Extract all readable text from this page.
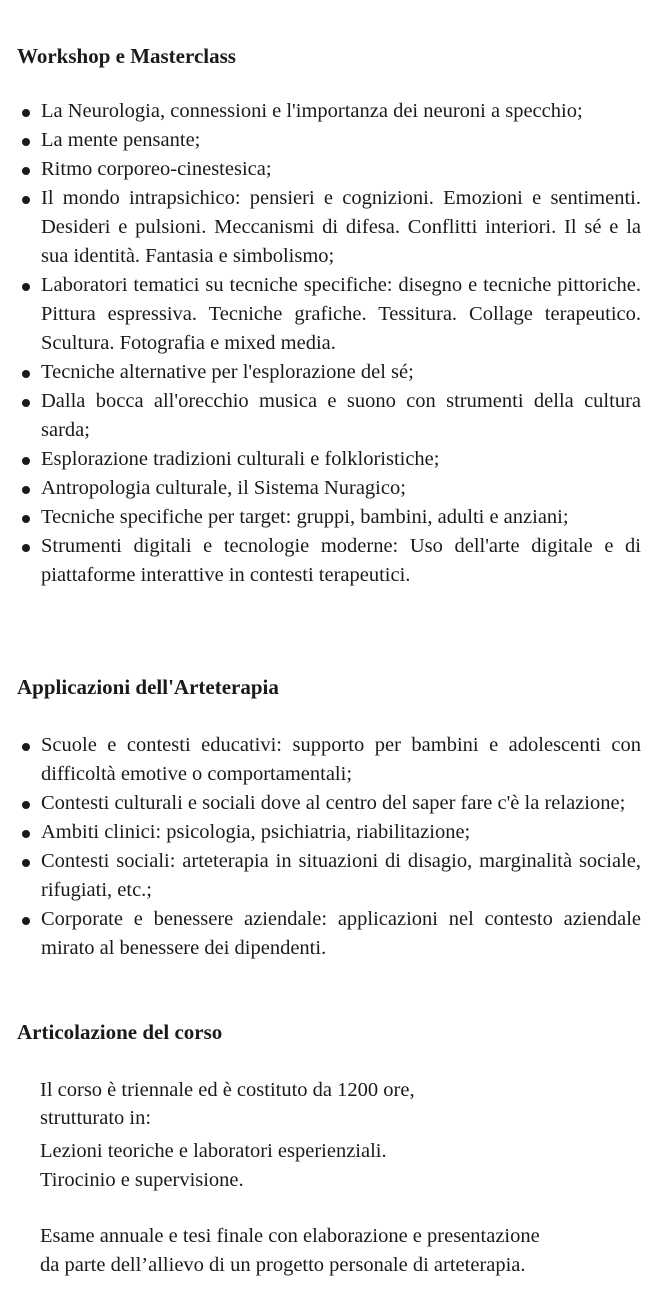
Workshop e Masterclass
La Neurologia, connessioni e l'importanza dei neuroni a specchio;
La mente pensante;
Ritmo corporeo-cinestesica;
Il mondo intrapsichico: pensieri e cognizioni. Emozioni e sentimenti. Desideri e pulsioni. Meccanismi di difesa. Conflitti interiori. Il sé e la sua identità. Fantasia e simbolismo;
Laboratori tematici su tecniche specifiche: disegno e tecniche pittoriche. Pittura espressiva. Tecniche grafiche. Tessitura. Collage terapeutico. Scultura. Fotografia e mixed media.
Tecniche alternative per l'esplorazione del sé;
Dalla bocca all'orecchio musica e suono con strumenti della cultura sarda;
Esplorazione tradizioni culturali e folkloristiche;
Antropologia culturale, il Sistema Nuragico;
Tecniche specifiche per target: gruppi, bambini, adulti e anziani;
Strumenti digitali e tecnologie moderne: Uso dell'arte digitale e di piattaforme interattive in contesti terapeutici.
Applicazioni dell'Arteterapia
Scuole e contesti educativi: supporto per bambini e adolescenti con difficoltà emotive o comportamentali;
Contesti culturali e sociali dove al centro del saper fare c'è la relazione;
Ambiti clinici: psicologia, psichiatria, riabilitazione;
Contesti sociali: arteterapia in situazioni di disagio, marginalità sociale, rifugiati, etc.;
Corporate e benessere aziendale: applicazioni nel contesto aziendale mirato al benessere dei dipendenti.
Articolazione del corso

Il corso è triennale ed è costituto da 1200 ore,

strutturato in:

Lezioni teoriche e laboratori esperienziali.

Tirocinio e supervisione.

Esame annuale e tesi finale con elaborazione e presentazione

da parte dell’allievo di un progetto personale di arteterapia.
